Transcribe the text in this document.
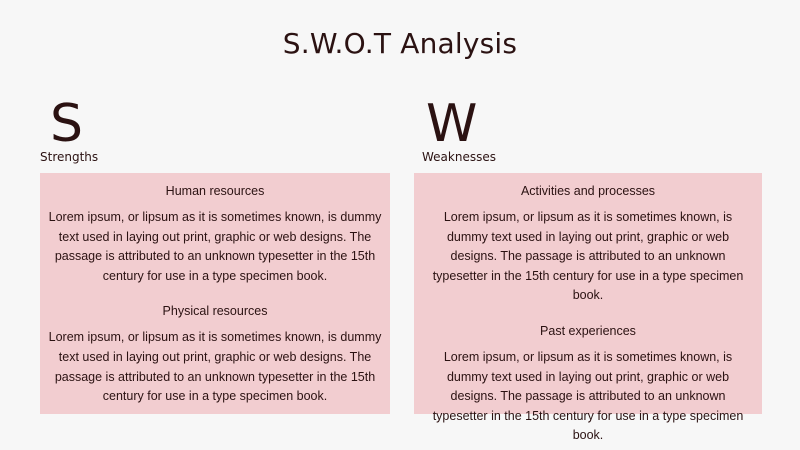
S.W.O.T Analysis
S
Strengths
Human resources

Lorem ipsum, or lipsum as it is sometimes known, is dummy text used in laying out print, graphic or web designs. The passage is attributed to an unknown typesetter in the 15th century for use in a type specimen book.

Physical resources

Lorem ipsum, or lipsum as it is sometimes known, is dummy text used in laying out print, graphic or web designs. The passage is attributed to an unknown typesetter in the 15th century for use in a type specimen book.

W
Weaknesses
Activities and processes

Lorem ipsum, or lipsum as it is sometimes known, is dummy text used in laying out print, graphic or web designs. The passage is attributed to an unknown typesetter in the 15th century for use in a type specimen book.

Past experiences

Lorem ipsum, or lipsum as it is sometimes known, is dummy text used in laying out print, graphic or web designs. The passage is attributed to an unknown typesetter in the 15th century for use in a type specimen book.
